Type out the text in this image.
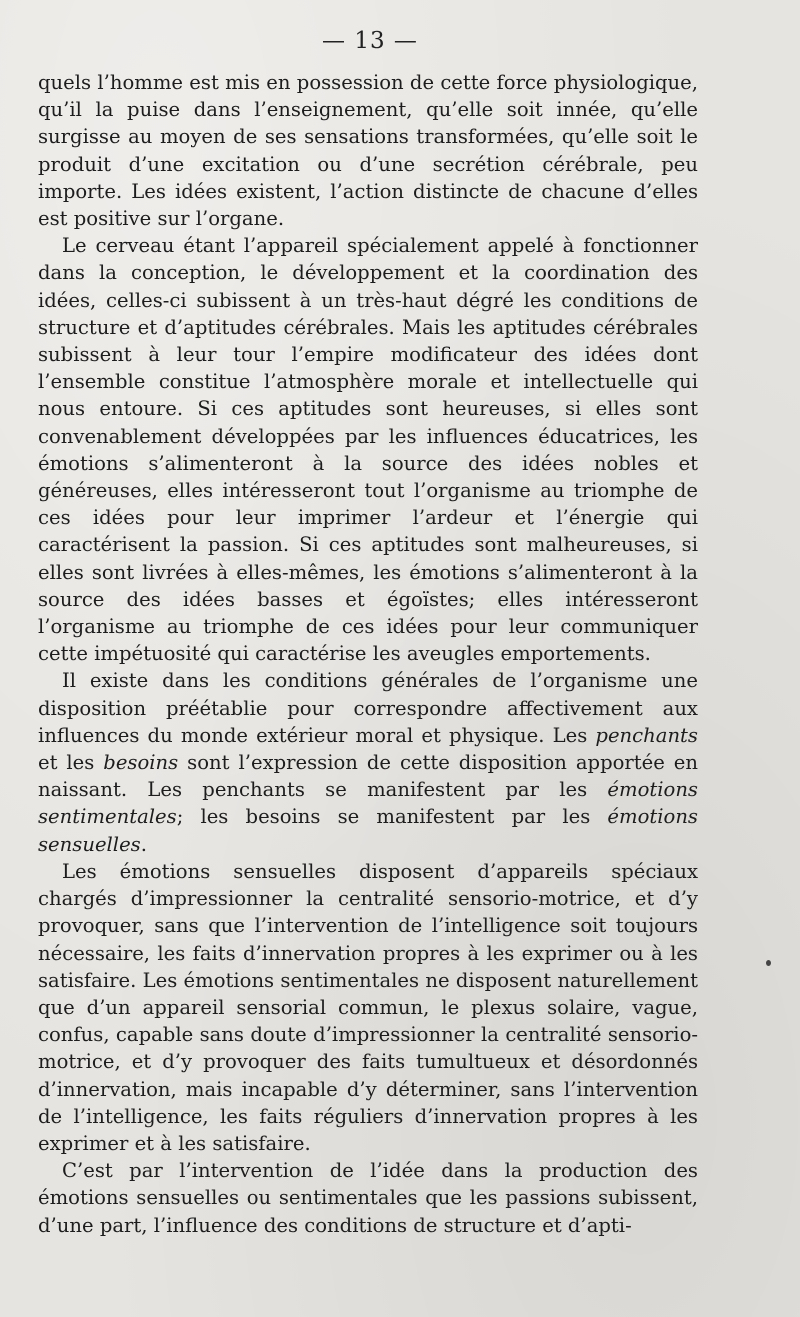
— 13 —

quels l’homme est mis en possession de cette force physiologique, qu’il la puise dans l’enseignement, qu’elle soit innée, qu’elle surgisse au moyen de ses sensations transformées, qu’elle soit le produit d’une excitation ou d’une secrétion cérébrale, peu importe. Les idées existent, l’action distincte de chacune d’elles est positive sur l’organe.

Le cerveau étant l’appareil spécialement appelé à fonctionner dans la conception, le développement et la coordination des idées, celles-ci subissent à un très-haut dégré les conditions de structure et d’aptitudes cérébrales. Mais les aptitudes cérébrales subissent à leur tour l’empire modificateur des idées dont l’ensemble constitue l’atmosphère morale et intellectuelle qui nous entoure. Si ces aptitudes sont heureuses, si elles sont convenablement développées par les influences éducatrices, les émotions s’alimenteront à la source des idées nobles et généreuses, elles intéresseront tout l’organisme au triomphe de ces idées pour leur imprimer l’ardeur et l’énergie qui caractérisent la passion. Si ces aptitudes sont malheureuses, si elles sont livrées à elles-mêmes, les émotions s’alimenteront à la source des idées basses et égoïstes; elles intéresseront l’organisme au triomphe de ces idées pour leur communiquer cette impétuosité qui caractérise les aveugles emportements.

Il existe dans les conditions générales de l’organisme une disposition préétablie pour correspondre affectivement aux influences du monde extérieur moral et physique. Les penchants et les besoins sont l’expression de cette disposition apportée en naissant. Les penchants se manifestent par les émotions sentimentales; les besoins se manifestent par les émotions sensuelles.

Les émotions sensuelles disposent d’appareils spéciaux chargés d’impressionner la centralité sensorio-motrice, et d’y provoquer, sans que l’intervention de l’intelligence soit toujours nécessaire, les faits d’innervation propres à les exprimer ou à les satisfaire. Les émotions sentimentales ne disposent naturellement que d’un appareil sensorial commun, le plexus solaire, vague, confus, capable sans doute d’impressionner la centralité sensorio-motrice, et d’y provoquer des faits tumultueux et désordonnés d’innervation, mais incapable d’y déterminer, sans l’intervention de l’intelligence, les faits réguliers d’innervation propres à les exprimer et à les satisfaire.

C’est par l’intervention de l’idée dans la production des émotions sensuelles ou sentimentales que les passions subissent, d’une part, l’influence des conditions de structure et d’apti-
